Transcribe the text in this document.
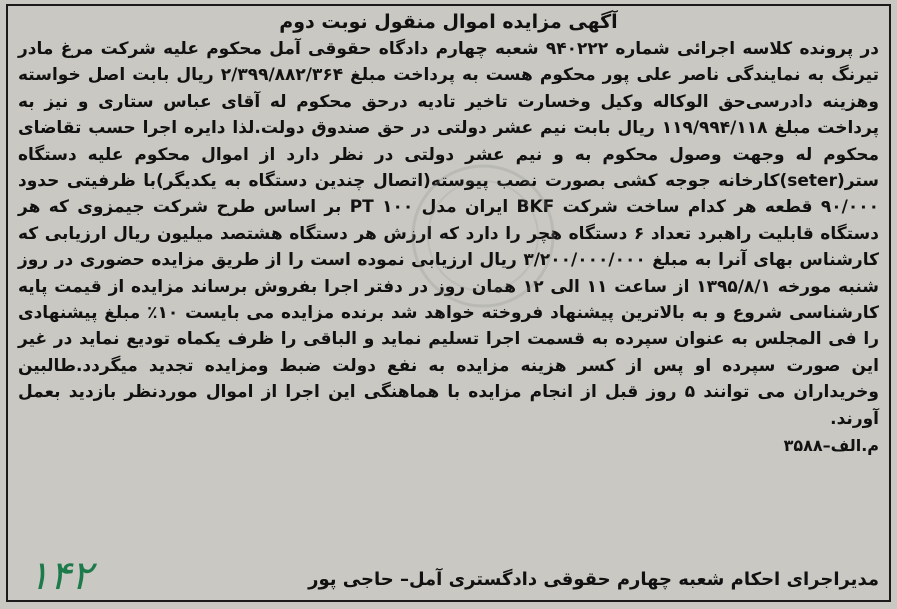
آگهی مزایده اموال منقول نوبت دوم

در پرونده کلاسه اجرائی شماره ۹۴۰۲۲۲ شعبه چهارم دادگاه حقوقی آمل محکوم علیه شرکت مرغ مادر تیرنگ به نمایندگی ناصر علی پور محکوم هست به پرداخت مبلغ ۲/۳۹۹/۸۸۲/۳۶۴ ریال بابت اصل خواسته وهزینه دادرسی‌حق الوکاله وکیل وخسارت تاخیر تادیه درحق محکوم له آقای عباس ستاری و نیز به پرداخت مبلغ ۱۱۹/۹۹۴/۱۱۸ ریال بابت نیم عشر دولتی در حق صندوق دولت.لذا دایره اجرا حسب تقاضای محکوم له وجهت وصول محکوم به و نیم عشر دولتی در نظر دارد از اموال محکوم علیه دستگاه ستر(seter)کارخانه جوجه کشی بصورت نصب پیوسته(اتصال چندین دستگاه به یکدیگر)با ظرفیتی حدود ۹۰/۰۰۰ قطعه هر کدام ساخت شرکت BKF ایران مدل PT ۱۰۰ بر اساس طرح شرکت جیمزوی که هر دستگاه قابلیت راهبرد تعداد ۶ دستگاه هچر را دارد که ارزش هر دستگاه هشتصد میلیون ریال ارزیابی که کارشناس بهای آنرا به مبلغ ۳/۲۰۰/۰۰۰/۰۰۰ ریال ارزیابی نموده است را از طریق مزایده حضوری در روز شنبه مورخه ۱۳۹۵/۸/۱ از ساعت ۱۱ الی ۱۲ همان روز در دفتر اجرا بفروش برساند مزایده از قیمت پایه کارشناسی شروع و به بالاترین پیشنهاد فروخته خواهد شد برنده مزایده می بایست ۱۰٪ مبلغ پیشنهادی را فی المجلس به عنوان سپرده به قسمت اجرا تسلیم نماید و الباقی را ظرف یکماه تودیع نماید در غیر این صورت سپرده او پس از کسر هزینه مزایده به نفع دولت ضبط ومزایده تجدید میگردد.طالبین وخریداران می توانند ۵ روز قبل از انجام مزایده با هماهنگی این اجرا از اموال موردنظر بازدید بعمل آورند.

م.الف–۳۵۸۸
مدیراجرای احکام شعبه چهارم حقوقی دادگستری آمل– حاجی پور
۱۴۲
